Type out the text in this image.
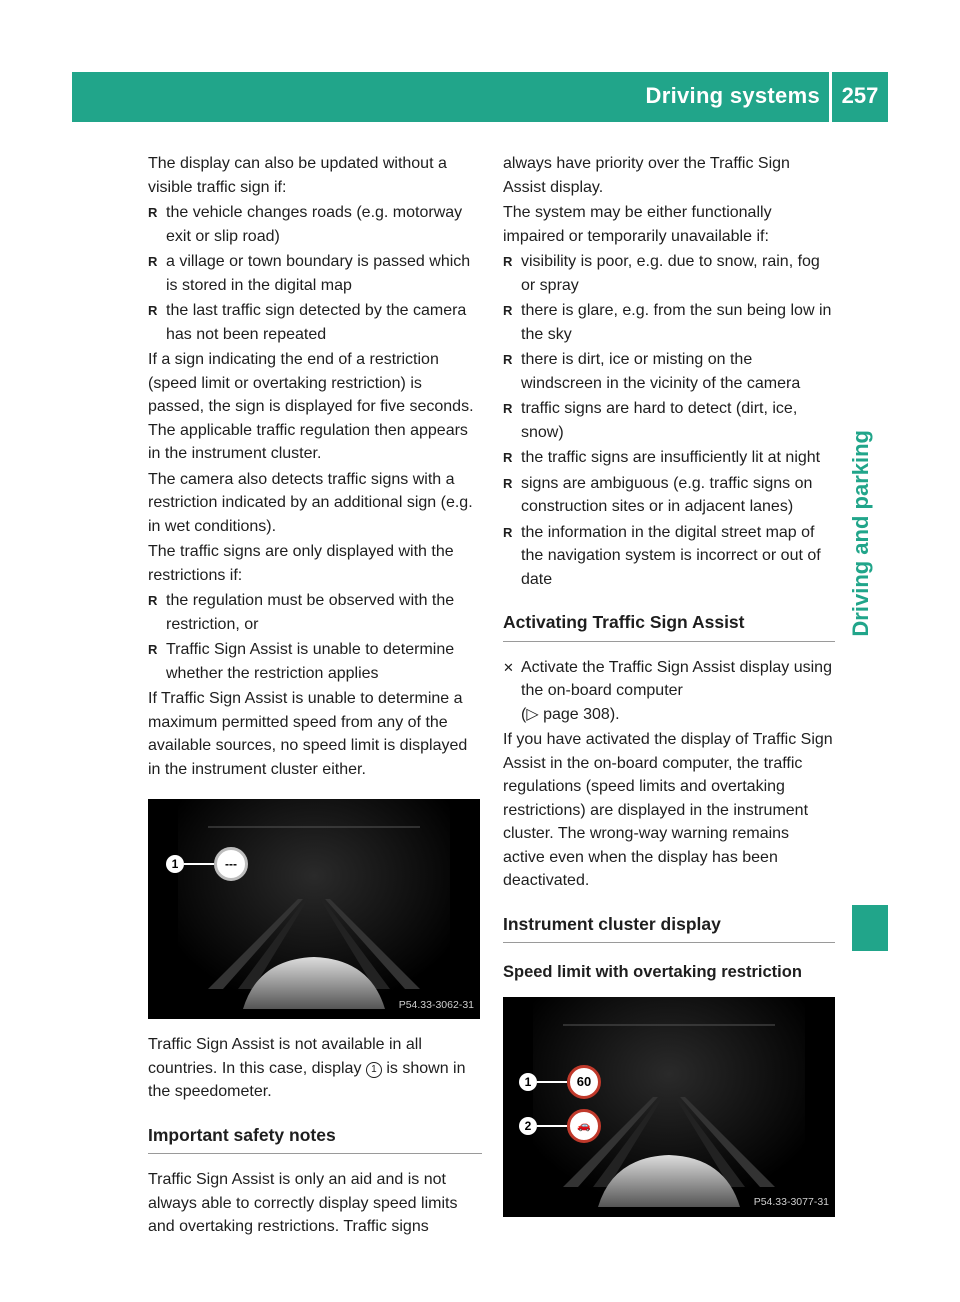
Driving systems 257
Driving and parking

The display can also be updated without a visible traffic sign if:

R the vehicle changes roads (e.g. motorway exit or slip road)
R a village or town boundary is passed which is stored in the digital map
R the last traffic sign detected by the camera has not been repeated

If a sign indicating the end of a restriction (speed limit or overtaking restriction) is passed, the sign is displayed for five seconds. The applicable traffic regulation then appears in the instrument cluster.

The camera also detects traffic signs with a restriction indicated by an additional sign (e.g. in wet conditions).

The traffic signs are only displayed with the restrictions if:

R the regulation must be observed with the restriction, or
R Traffic Sign Assist is unable to determine whether the restriction applies

If Traffic Sign Assist is unable to determine a maximum permitted speed from any of the available sources, no speed limit is displayed in the instrument cluster either.

1	---
P54.33-3062-31

Traffic Sign Assist is not available in all countries. In this case, display 1 is shown in the speedometer.

Important safety notes

Traffic Sign Assist is only an aid and is not always able to correctly display speed limits and overtaking restrictions. Traffic signs

always have priority over the Traffic Sign Assist display.

The system may be either functionally impaired or temporarily unavailable if:

R visibility is poor, e.g. due to snow, rain, fog or spray
R there is glare, e.g. from the sun being low in the sky
R there is dirt, ice or misting on the windscreen in the vicinity of the camera
R traffic signs are hard to detect (dirt, ice, snow)
R the traffic signs are insufficiently lit at night
R signs are ambiguous (e.g. traffic signs on construction sites or in adjacent lanes)
R the information in the digital street map of the navigation system is incorrect or out of date
Activating Traffic Sign Assist
✕ Activate the Traffic Sign Assist display using the on-board computer
(▷ page 308).

If you have activated the display of Traffic Sign Assist in the on-board computer, the traffic regulations (speed limits and overtaking restrictions) are displayed in the instrument cluster. The wrong-way warning remains active even when the display has been deactivated.

Instrument cluster display
Speed limit with overtaking restriction
1	60
2	🚗
P54.33-3077-31
